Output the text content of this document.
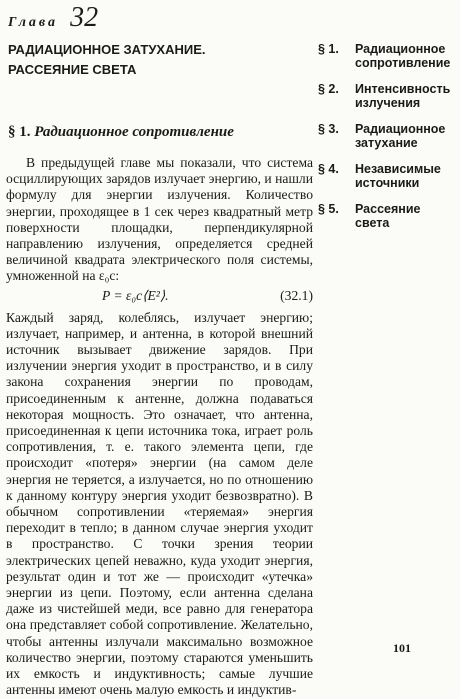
Глава 32
РАДИАЦИОННОЕ ЗАТУХАНИЕ.
РАССЕЯНИЕ СВЕТА
§ 1. Радиационное
сопротивление
§ 2. Интенсивность
излучения
§ 3. Радиационное
затухание
§ 4. Независимые
источники
§ 5. Рассеяние
света
§ 1. Радиационное сопротивление

В предыдущей главе мы показали, что система осциллирующих зарядов излучает энергию, и нашли формулу для энергии излучения. Количество энергии, проходящее в 1 сек через квадратный метр поверхности площадки, перпендикулярной направлению излучения, определяется средней величиной квадрата электрического поля системы, умноженной на ε₀c:

P = ε₀c⟨E²⟩.	(32.1)

Каждый заряд, колеблясь, излучает энергию; излучает, например, и антенна, в которой внешний источник вызывает движение зарядов. При излучении энергия уходит в пространство, и в силу закона сохранения энергии по проводам, присоединенным к антенне, должна подаваться некоторая мощность. Это означает, что антенна, присоединенная к цепи источника тока, играет роль сопротивления, т. е. такого элемента цепи, где происходит «потеря» энергии (на самом деле энергия не теряется, а излучается, но по отношению к данному контуру энергия уходит безвозвратно). В обычном сопротивлении «теряемая» энергия переходит в тепло; в данном случае энергия уходит в пространство. С точки зрения теории электрических цепей неважно, куда уходит энергия, результат один и тот же — происходит «утечка» энергии из цепи. Поэтому, если антенна сделана даже из чистейшей меди, все равно для генератора она представляет собой сопротивление. Желательно, чтобы антенны излучали максимально возможное количество энергии, поэтому стараются уменьшить их емкость и индуктивность; самые лучшие антенны имеют очень малую емкость и индуктив-

101
